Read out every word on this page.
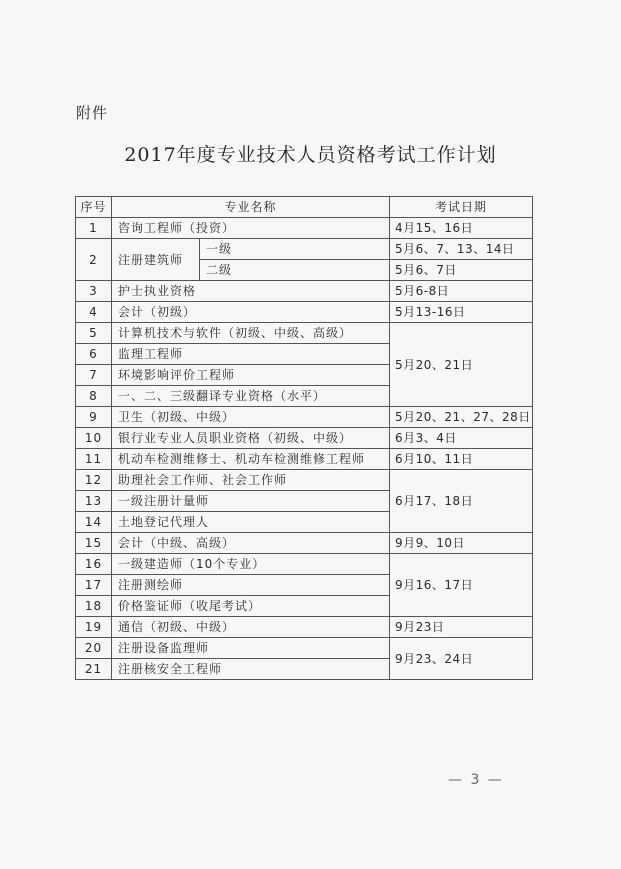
附件
2017年度专业技术人员资格考试工作计划
序号	专业名称		考试日期
1	咨询工程师（投资）		4月15、16日
2	注册建筑师	一级	5月6、7、13、14日
		二级	5月6、7日
3	护士执业资格		5月6-8日
4	会计（初级）		5月13-16日
5	计算机技术与软件（初级、中级、高级）		5月20、21日
6	监理工程师		
7	环境影响评价工程师		
8	一、二、三级翻译专业资格（水平）		
9	卫生（初级、中级）		5月20、21、27、28日
10	银行业专业人员职业资格（初级、中级）		6月3、4日
11	机动车检测维修士、机动车检测维修工程师		6月10、11日
12	助理社会工作师、社会工作师		6月17、18日
13	一级注册计量师		
14	土地登记代理人		
15	会计（中级、高级）		9月9、10日
16	一级建造师（10个专业）		9月16、17日
17	注册测绘师		
18	价格鉴证师（收尾考试）		
19	通信（初级、中级）		9月23日
20	注册设备监理师		9月23、24日
21	注册核安全工程师		
— 3 —
